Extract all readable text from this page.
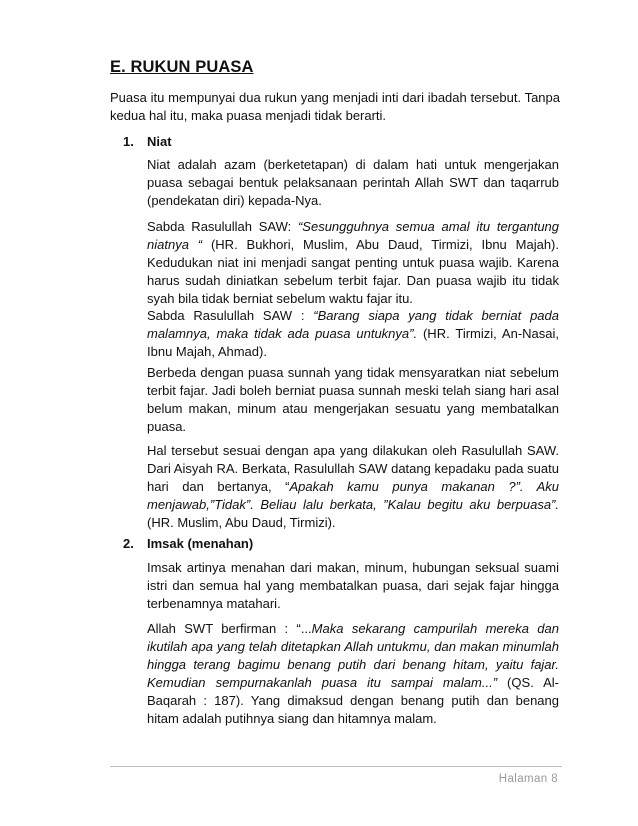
E. RUKUN PUASA
Puasa itu mempunyai dua rukun yang menjadi inti dari ibadah tersebut. Tanpa kedua hal itu, maka puasa menjadi tidak berarti.
1. Niat

Niat adalah azam (berketetapan) di dalam hati untuk mengerjakan puasa sebagai bentuk pelaksanaan perintah Allah SWT dan taqarrub (pendekatan diri) kepada-Nya.

Sabda Rasulullah SAW: “Sesungguhnya semua amal itu tergantung niatnya “ (HR. Bukhori, Muslim, Abu Daud, Tirmizi, Ibnu Majah). Kedudukan niat ini menjadi sangat penting untuk puasa wajib. Karena harus sudah diniatkan sebelum terbit fajar. Dan puasa wajib itu tidak syah bila tidak berniat sebelum waktu fajar itu.

Sabda Rasulullah SAW : “Barang siapa yang tidak berniat pada malamnya, maka tidak ada puasa untuknya”. (HR. Tirmizi, An-Nasai, Ibnu Majah, Ahmad).

Berbeda dengan puasa sunnah yang tidak mensyaratkan niat sebelum terbit fajar. Jadi boleh berniat puasa sunnah meski telah siang hari asal belum makan, minum atau mengerjakan sesuatu yang membatalkan puasa.

Hal tersebut sesuai dengan apa yang dilakukan oleh Rasulullah SAW. Dari Aisyah RA. Berkata, Rasulullah SAW datang kepadaku pada suatu hari dan bertanya, “Apakah kamu punya makanan ?”. Aku menjawab,”Tidak”. Beliau lalu berkata, ”Kalau begitu aku berpuasa”. (HR. Muslim, Abu Daud, Tirmizi).

2. Imsak (menahan)

Imsak artinya menahan dari makan, minum, hubungan seksual suami istri dan semua hal yang membatalkan puasa, dari sejak fajar hingga terbenamnya matahari.

Allah SWT berfirman : “...Maka sekarang campurilah mereka dan ikutilah apa yang telah ditetapkan Allah untukmu, dan makan minumlah hingga terang bagimu benang putih dari benang hitam, yaitu fajar. Kemudian sempurnakanlah puasa itu sampai malam...” (QS. Al-Baqarah : 187). Yang dimaksud dengan benang putih dan benang hitam adalah putihnya siang dan hitamnya malam.

Halaman 8
